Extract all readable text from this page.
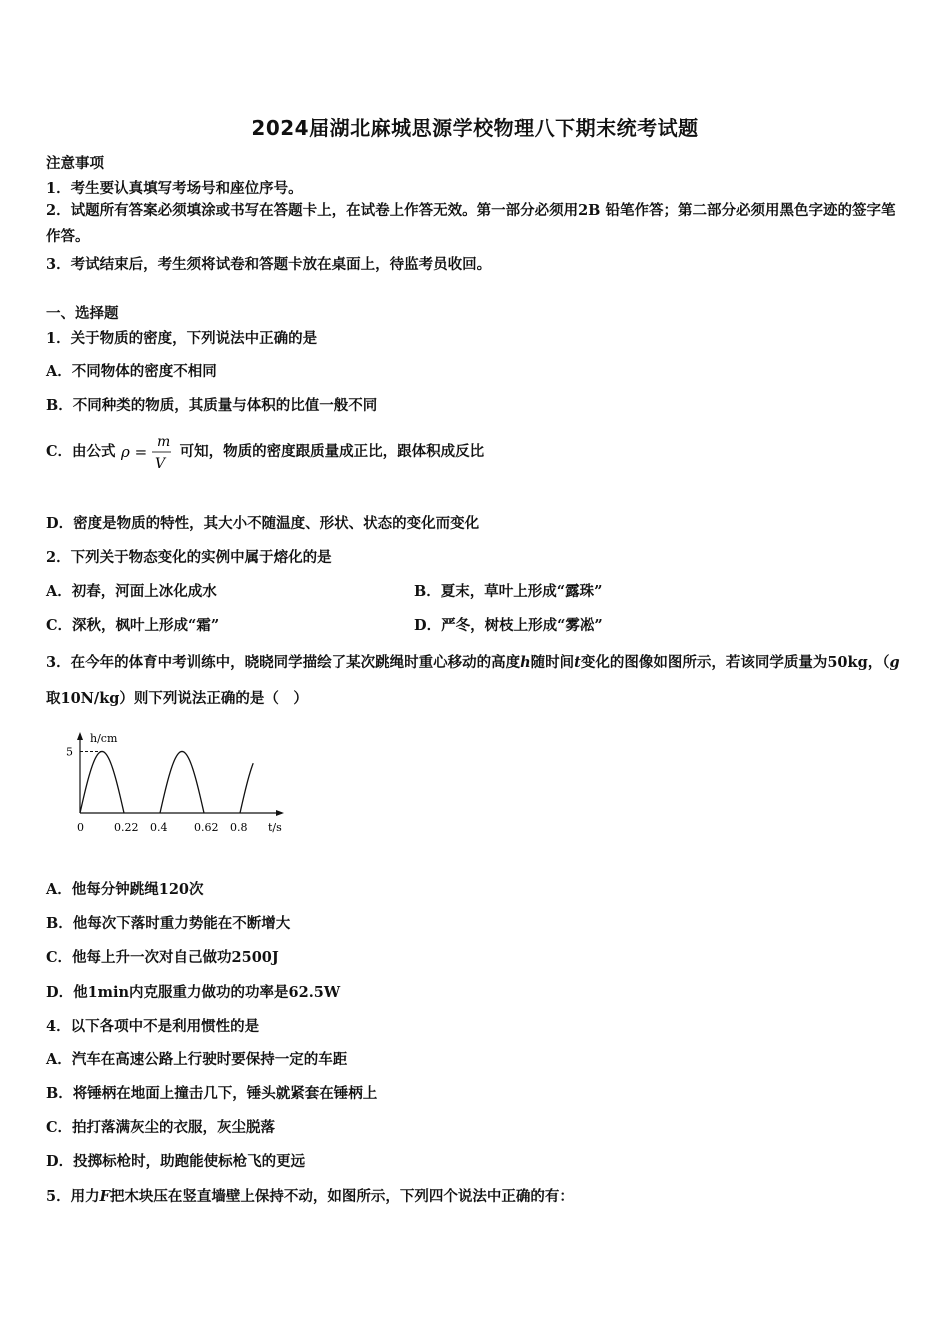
2024届湖北麻城思源学校物理八下期末统考试题
注意事项
1．考生要认真填写考场号和座位序号。
2．试题所有答案必须填涂或书写在答题卡上，在试卷上作答无效。第一部分必须用2B 铅笔作答；第二部分必须用黑色字迹的签字笔作答。
3．考试结束后，考生须将试卷和答题卡放在桌面上，待监考员收回。
一、选择题
1．关于物质的密度，下列说法中正确的是
A．不同物体的密度不相同
B．不同种类的物质，其质量与体积的比值一般不同
C．由公式 ρ =
m
V
可知，物质的密度跟质量成正比，跟体积成反比
D．密度是物质的特性，其大小不随温度、形状、状态的变化而变化
2．下列关于物态变化的实例中属于熔化的是
A．初春，河面上冰化成水	B．夏末，草叶上形成“露珠”
C．深秋，枫叶上形成“霜”	D．严冬，树枝上形成“雾凇”
3．在今年的体育中考训练中，晓晓同学描绘了某次跳绳时重心移动的高度h随时间t变化的图像如图所示，若该同学质量为50kg，（g取10N/kg）则下列说法正确的是（　）
h/cm
5
0	0.22 0.4 0.62 0.8 t/s
A．他每分钟跳绳120次
B．他每次下落时重力势能在不断增大
C．他每上升一次对自己做功2500J
D．他1min内克服重力做功的功率是62.5W
4．以下各项中不是利用惯性的是
A．汽车在高速公路上行驶时要保持一定的车距
B．将锤柄在地面上撞击几下，锤头就紧套在锤柄上
C．拍打落满灰尘的衣服，灰尘脱落
D．投掷标枪时，助跑能使标枪飞的更远
5．用力F把木块压在竖直墙壁上保持不动，如图所示，下列四个说法中正确的有：
